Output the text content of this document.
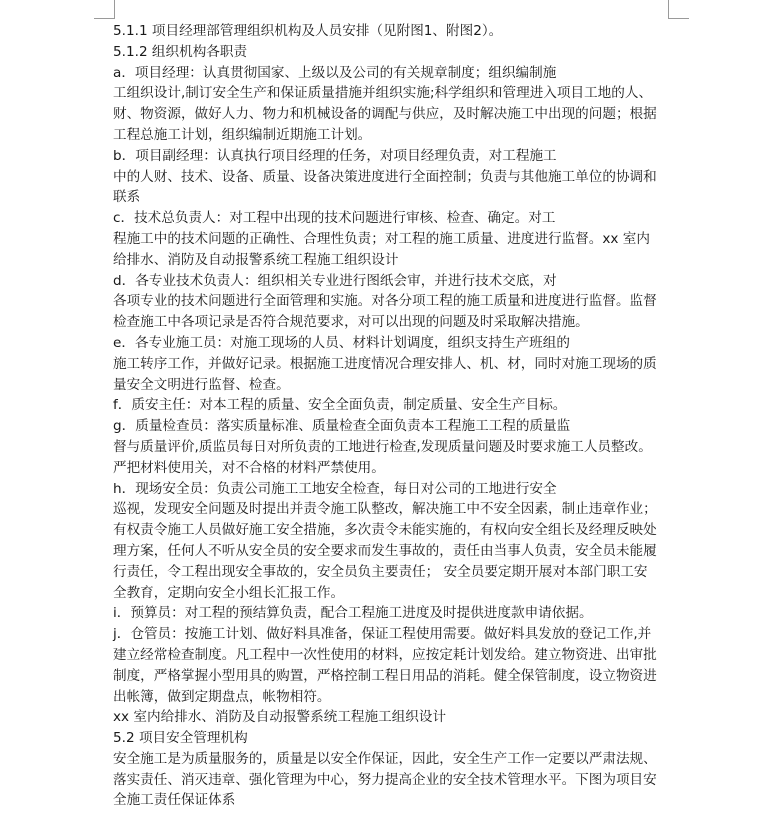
5.1.1 项目经理部管理组织机构及人员安排（见附图1、附图2）。
5.1.2 组织机构各职责
a．项目经理：认真贯彻国家、上级以及公司的有关规章制度；组织编制施
工组织设计,制订安全生产和保证质量措施并组织实施;科学组织和管理进入项目工地的人、
财、物资源，做好人力、物力和机械设备的调配与供应，及时解决施工中出现的问题；根据
工程总施工计划，组织编制近期施工计划。
b．项目副经理：认真执行项目经理的任务，对项目经理负责，对工程施工
中的人财、技术、设备、质量、设备决策进度进行全面控制；负责与其他施工单位的协调和
联系
c．技术总负责人：对工程中出现的技术问题进行审核、检查、确定。对工
程施工中的技术问题的正确性、合理性负责；对工程的施工质量、进度进行监督。xx 室内
给排水、消防及自动报警系统工程施工组织设计
d．各专业技术负责人：组织相关专业进行图纸会审，并进行技术交底，对
各项专业的技术问题进行全面管理和实施。对各分项工程的施工质量和进度进行监督。监督
检查施工中各项记录是否符合规范要求，对可以出现的问题及时采取解决措施。
e．各专业施工员：对施工现场的人员、材料计划调度，组织支持生产班组的
施工转序工作，并做好记录。根据施工进度情况合理安排人、机、材，同时对施工现场的质
量安全文明进行监督、检查。
f．质安主任：对本工程的质量、安全全面负责，制定质量、安全生产目标。
g．质量检查员：落实质量标准、质量检查全面负责本工程施工工程的质量监
督与质量评价,质监员每日对所负责的工地进行检查,发现质量问题及时要求施工人员整改。
严把材料使用关，对不合格的材料严禁使用。
h．现场安全员：负责公司施工工地安全检查，每日对公司的工地进行安全
巡视，发现安全问题及时提出并责令施工队整改，解决施工中不安全因素，制止违章作业；
有权责令施工人员做好施工安全措施，多次责令未能实施的，有权向安全组长及经理反映处
理方案，任何人不听从安全员的安全要求而发生事故的，责任由当事人负责，安全员未能履
行责任，令工程出现安全事故的，安全员负主要责任； 安全员要定期开展对本部门职工安
全教育，定期向安全小组长汇报工作。
i．预算员：对工程的预结算负责，配合工程施工进度及时提供进度款申请依据。
j．仓管员：按施工计划、做好料具准备，保证工程使用需要。做好料具发放的登记工作,并
建立经常检查制度。凡工程中一次性使用的材料，应按定耗计划发给。建立物资进、出审批
制度，严格掌握小型用具的购置，严格控制工程日用品的消耗。健全保管制度，设立物资进
出帐簿，做到定期盘点，帐物相符。
xx 室内给排水、消防及自动报警系统工程施工组织设计
5.2 项目安全管理机构
安全施工是为质量服务的，质量是以安全作保证，因此，安全生产工作一定要以严肃法规、
落实责任、消灭违章、强化管理为中心，努力提高企业的安全技术管理水平。下图为项目安
全施工责任保证体系
